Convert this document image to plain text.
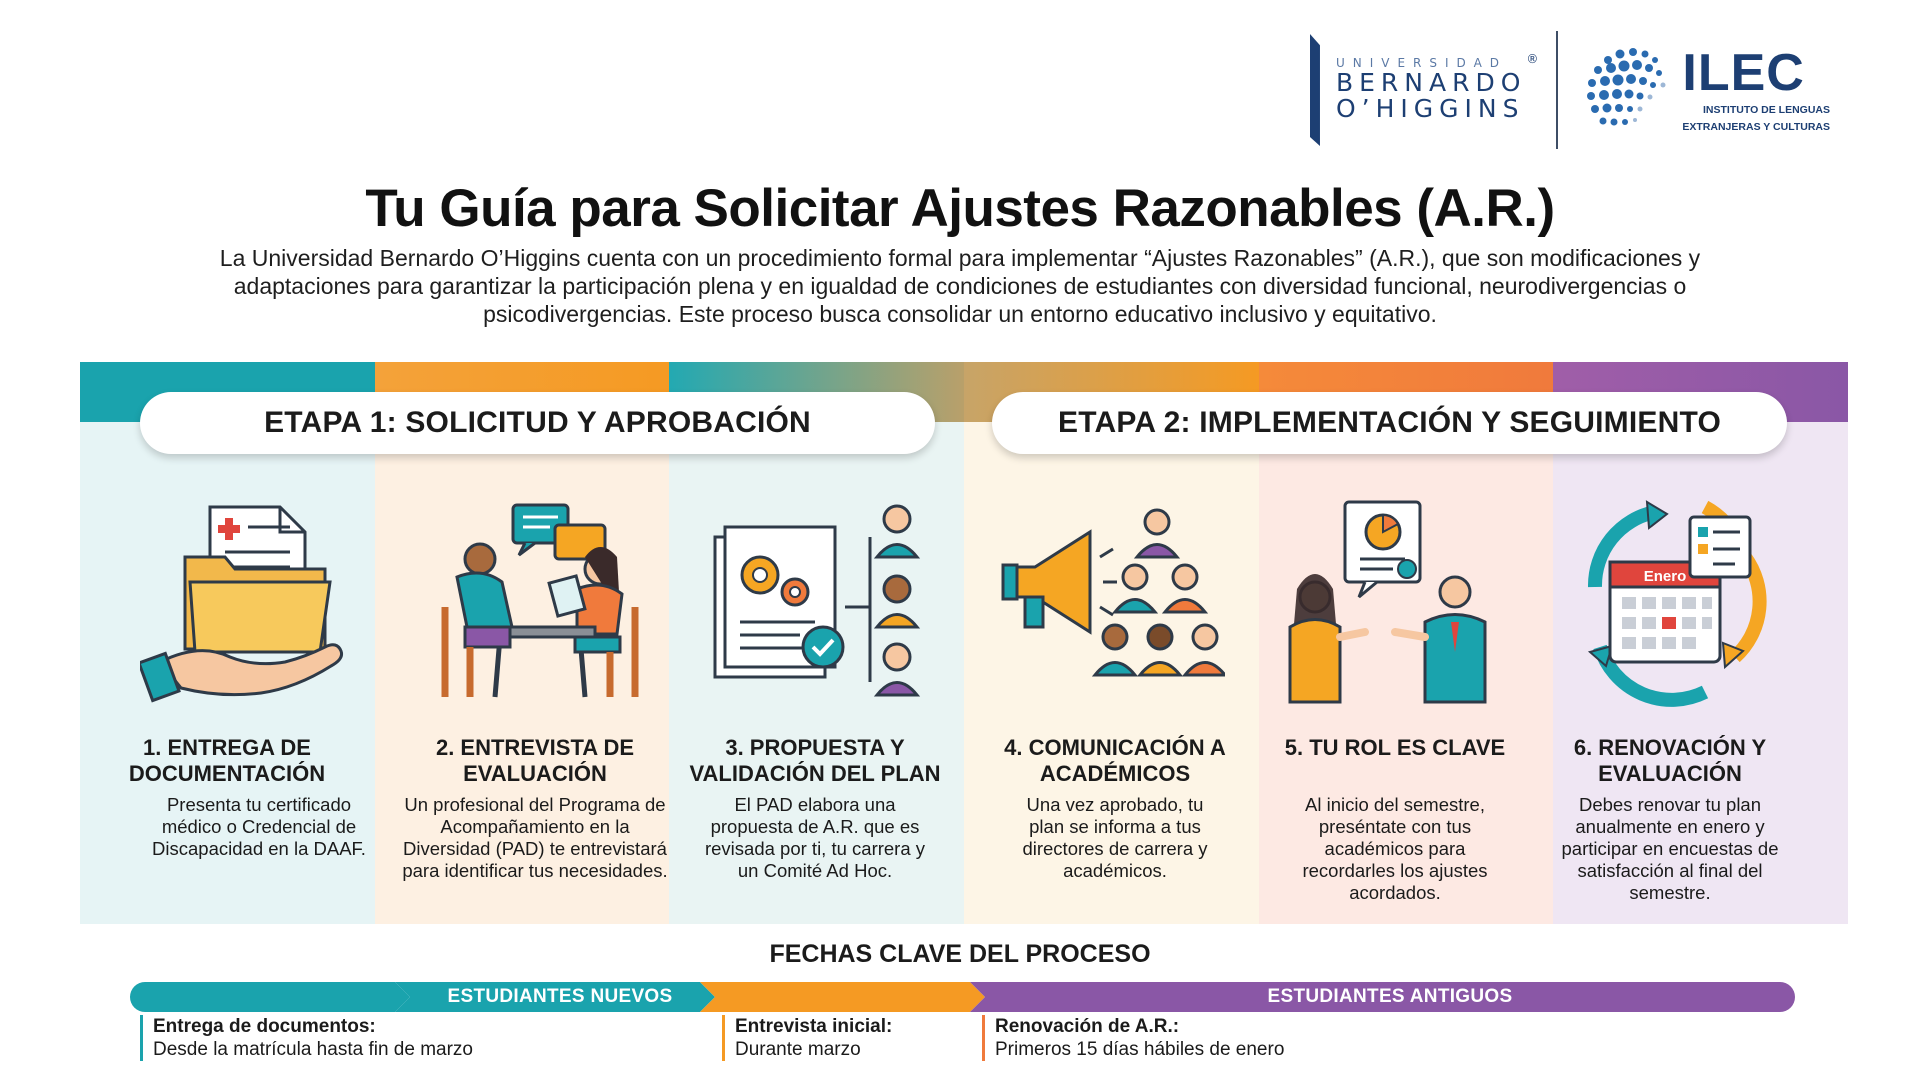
UNIVERSIDAD
BERNARDO
O’HIGGINS
®	ILEC
INSTITUTO DE LENGUAS
EXTRANJERAS Y CULTURAS
Tu Guía para Solicitar Ajustes Razonables (A.R.)

La Universidad Bernardo O’Higgins cuenta con un procedimiento formal para implementar “Ajustes Razonables” (A.R.), que son modificaciones y adaptaciones para garantizar la participación plena y en igualdad de condiciones de estudiantes con diversidad funcional, neurodivergencias o psicodivergencias. Este proceso busca consolidar un entorno educativo inclusivo y equitativo.

ETAPA 1: SOLICITUD Y APROBACIÓN	ETAPA 2: IMPLEMENTACIÓN Y SEGUIMIENTO
Enero
1. ENTREGA DE DOCUMENTACIÓN
Presenta tu certificado médico o Credencial de Discapacidad en la DAAF.
2. ENTREVISTA DE EVALUACIÓN
Un profesional del Programa de Acompañamiento en la Diversidad (PAD) te entrevistará para identificar tus necesidades.
3. PROPUESTA Y VALIDACIÓN DEL PLAN
El PAD elabora una propuesta de A.R. que es revisada por ti, tu carrera y un Comité Ad Hoc.
4. COMUNICACIÓN A ACADÉMICOS
Una vez aprobado, tu plan se informa a tus directores de carrera y académicos.
5. TU ROL ES CLAVE
Al inicio del semestre, preséntate con tus académicos para recordarles los ajustes acordados.
6. RENOVACIÓN Y EVALUACIÓN
Debes renovar tu plan anualmente en enero y participar en encuestas de satisfacción al final del semestre.
FECHAS CLAVE DEL PROCESO
ESTUDIANTES NUEVOS	ESTUDIANTES ANTIGUOS
Entrega de documentos:
Desde la matrícula hasta fin de marzo
Entrevista inicial:
Durante marzo
Renovación de A.R.:
Primeros 15 días hábiles de enero
